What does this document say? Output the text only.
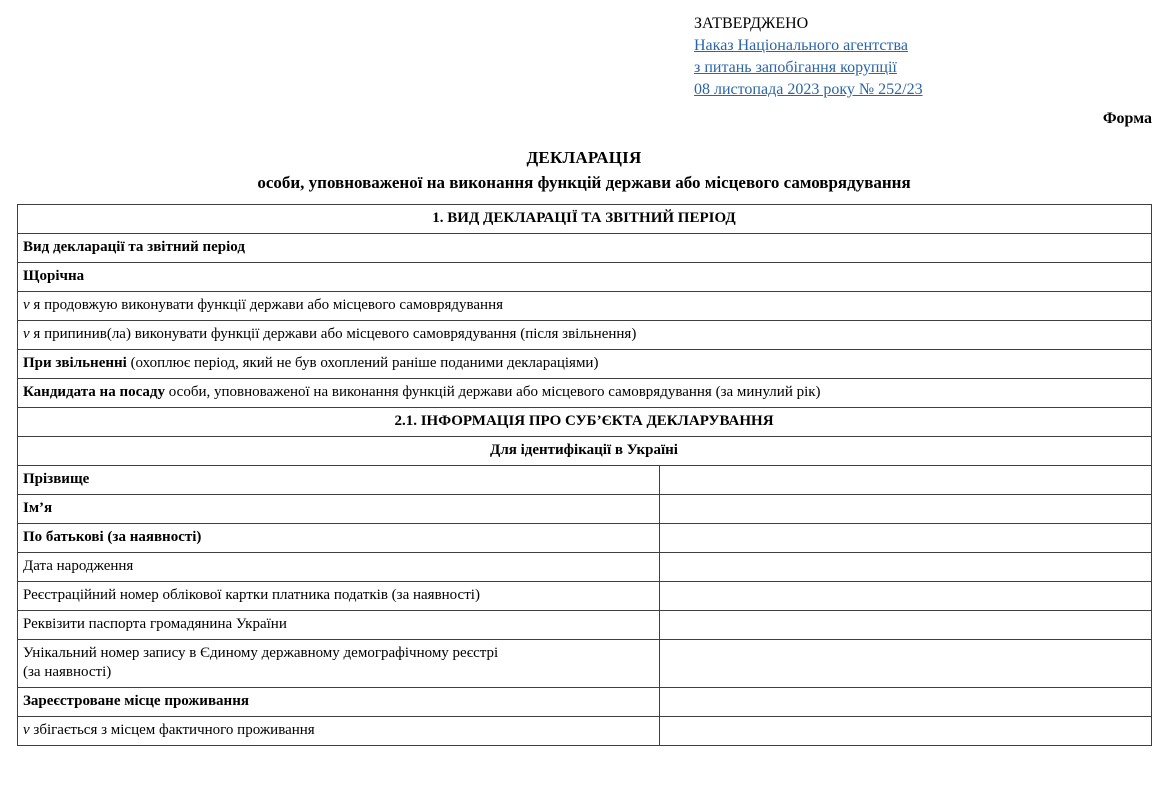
ЗАТВЕРДЖЕНО
Наказ Національного агентства
з питань запобігання корупції
08 листопада 2023 року № 252/23
Форма
ДЕКЛАРАЦІЯ
особи, уповноваженої на виконання функцій держави або місцевого самоврядування
1. ВИД ДЕКЛАРАЦІЇ ТА ЗВІТНИЙ ПЕРІОД	
Вид декларації та звітний період	
Щорічна	
v я продовжую виконувати функції держави або місцевого самоврядування	
v я припинив(ла) виконувати функції держави або місцевого самоврядування (після звільнення)	
При звільненні (охоплює період, який не був охоплений раніше поданими деклараціями)	
Кандидата на посаду особи, уповноваженої на виконання функцій держави або місцевого самоврядування (за минулий рік)	
2.1. ІНФОРМАЦІЯ ПРО СУБ’ЄКТА ДЕКЛАРУВАННЯ	
Для ідентифікації в Україні	
Прізвище	
Ім’я	
По батькові (за наявності)	
Дата народження	
Реєстраційний номер облікової картки платника податків (за наявності)	
Реквізити паспорта громадянина України	
Унікальний номер запису в Єдиному державному демографічному реєстрі
(за наявності)	
Зареєстроване місце проживання	
v збігається з місцем фактичного проживання	
